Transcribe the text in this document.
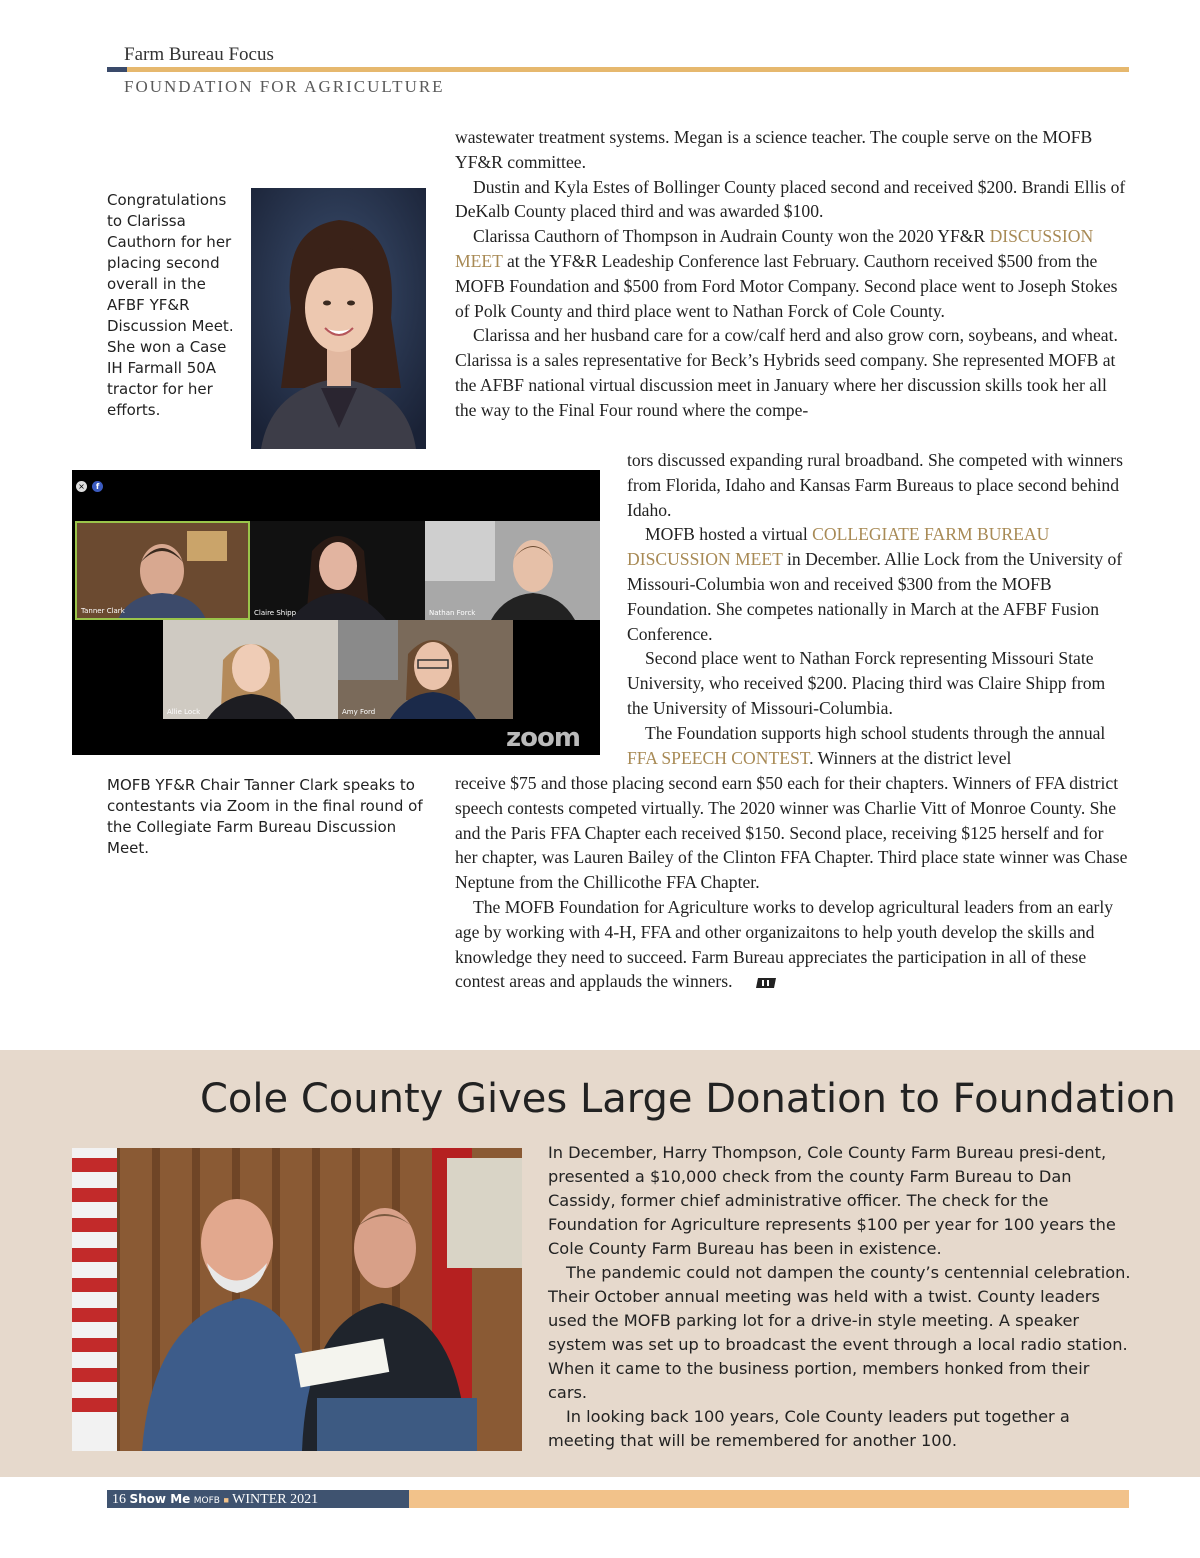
Farm Bureau Focus
FOUNDATION FOR AGRICULTURE
Congratulations to Clarissa Cauthorn for her placing second overall in the AFBF YF&R Discussion Meet. She won a Case IH Farmall 50A tractor for her efforts.

wastewater treatment systems. Megan is a science teacher. The couple serve on the MOFB YF&R committee.

Dustin and Kyla Estes of Bollinger County placed second and received $200. Brandi Ellis of DeKalb County placed third and was awarded $100.

Clarissa Cauthorn of Thompson in Audrain County won the 2020 YF&R DISCUSSION MEET at the YF&R Leadeship Conference last February. Cauthorn received $500 from the MOFB Foundation and $500 from Ford Motor Company. Second place went to Joseph Stokes of Polk County and third place went to Nathan Forck of Cole County.

Clarissa and her husband care for a cow/calf herd and also grow corn, soybeans, and wheat. Clarissa is a sales representative for Beck’s Hybrids seed company. She represented MOFB at the AFBF national virtual discussion meet in January where her discussion skills took her all the way to the Final Four round where the compe-

tors discussed expanding rural broadband. She competed with winners from Florida, Idaho and Kansas Farm Bureaus to place second behind Idaho.

MOFB hosted a virtual COLLEGIATE FARM BUREAU DISCUSSION MEET in December. Allie Lock from the University of Missouri-Columbia won and received $300 from the MOFB Foundation. She competes nationally in March at the AFBF Fusion Conference.

Second place went to Nathan Forck representing Missouri State University, who received $200. Placing third was Claire Shipp from the University of Missouri-Columbia.

The Foundation supports high school students through the annual FFA SPEECH CONTEST. Winners at the district level

receive $75 and those placing second earn $50 each for their chapters. Winners of FFA district speech contests competed virtually. The 2020 winner was Charlie Vitt of Monroe County. She and the Paris FFA Chapter each received $150. Second place, receiving $125 herself and for her chapter, was Lauren Bailey of the Clinton FFA Chapter. Third place state winner was Chase Neptune from the Chillicothe FFA Chapter.

The MOFB Foundation for Agriculture works to develop agricultural leaders from an early age by working with 4-H, FFA and other organizaitons to help youth develop the skills and knowledge they need to succeed. Farm Bureau appreciates the participation in all of these contest areas and applauds the winners.

× f
Tanner Clark	Claire Shipp	Nathan Forck
Allie Lock	Amy Ford
zoom
MOFB YF&R Chair Tanner Clark speaks to contestants via Zoom in the final round of the Collegiate Farm Bureau Discussion Meet.
Cole County Gives Large Donation to Foundation

In December, Harry Thompson, Cole County Farm Bureau presi-dent, presented a $10,000 check from the county Farm Bureau to Dan Cassidy, former chief administrative officer. The check for the Foundation for Agriculture represents $100 per year for 100 years the Cole County Farm Bureau has been in existence.

The pandemic could not dampen the county’s centennial celebration. Their October annual meeting was held with a twist. County leaders used the MOFB parking lot for a drive-in style meeting. A speaker system was set up to broadcast the event through a local radio station. When it came to the business portion, members honked from their cars.

In looking back 100 years, Cole County leaders put together a meeting that will be remembered for another 100.

16 Show Me MOFB ■ WINTER 2021
